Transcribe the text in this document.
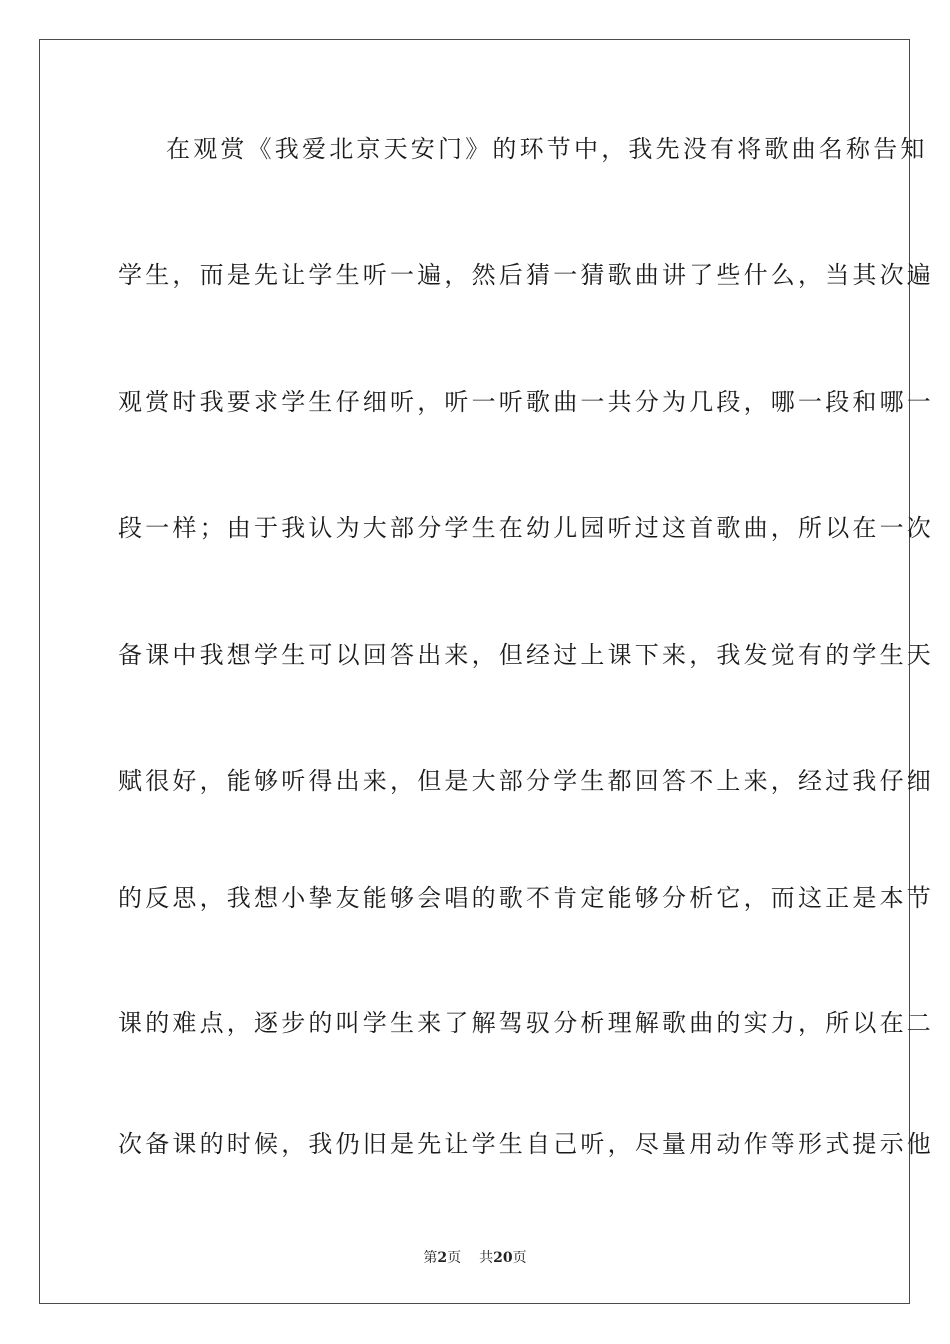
在观赏《我爱北京天安门》的环节中，我先没有将歌曲名称告知
学生，而是先让学生听一遍，然后猜一猜歌曲讲了些什么，当其次遍
观赏时我要求学生仔细听，听一听歌曲一共分为几段，哪一段和哪一
段一样；由于我认为大部分学生在幼儿园听过这首歌曲，所以在一次
备课中我想学生可以回答出来，但经过上课下来，我发觉有的学生天
赋很好，能够听得出来，但是大部分学生都回答不上来，经过我仔细
的反思，我想小挚友能够会唱的歌不肯定能够分析它，而这正是本节
课的难点，逐步的叫学生来了解驾驭分析理解歌曲的实力，所以在二
次备课的时候，我仍旧是先让学生自己听，尽量用动作等形式提示他
第2页 共20页
